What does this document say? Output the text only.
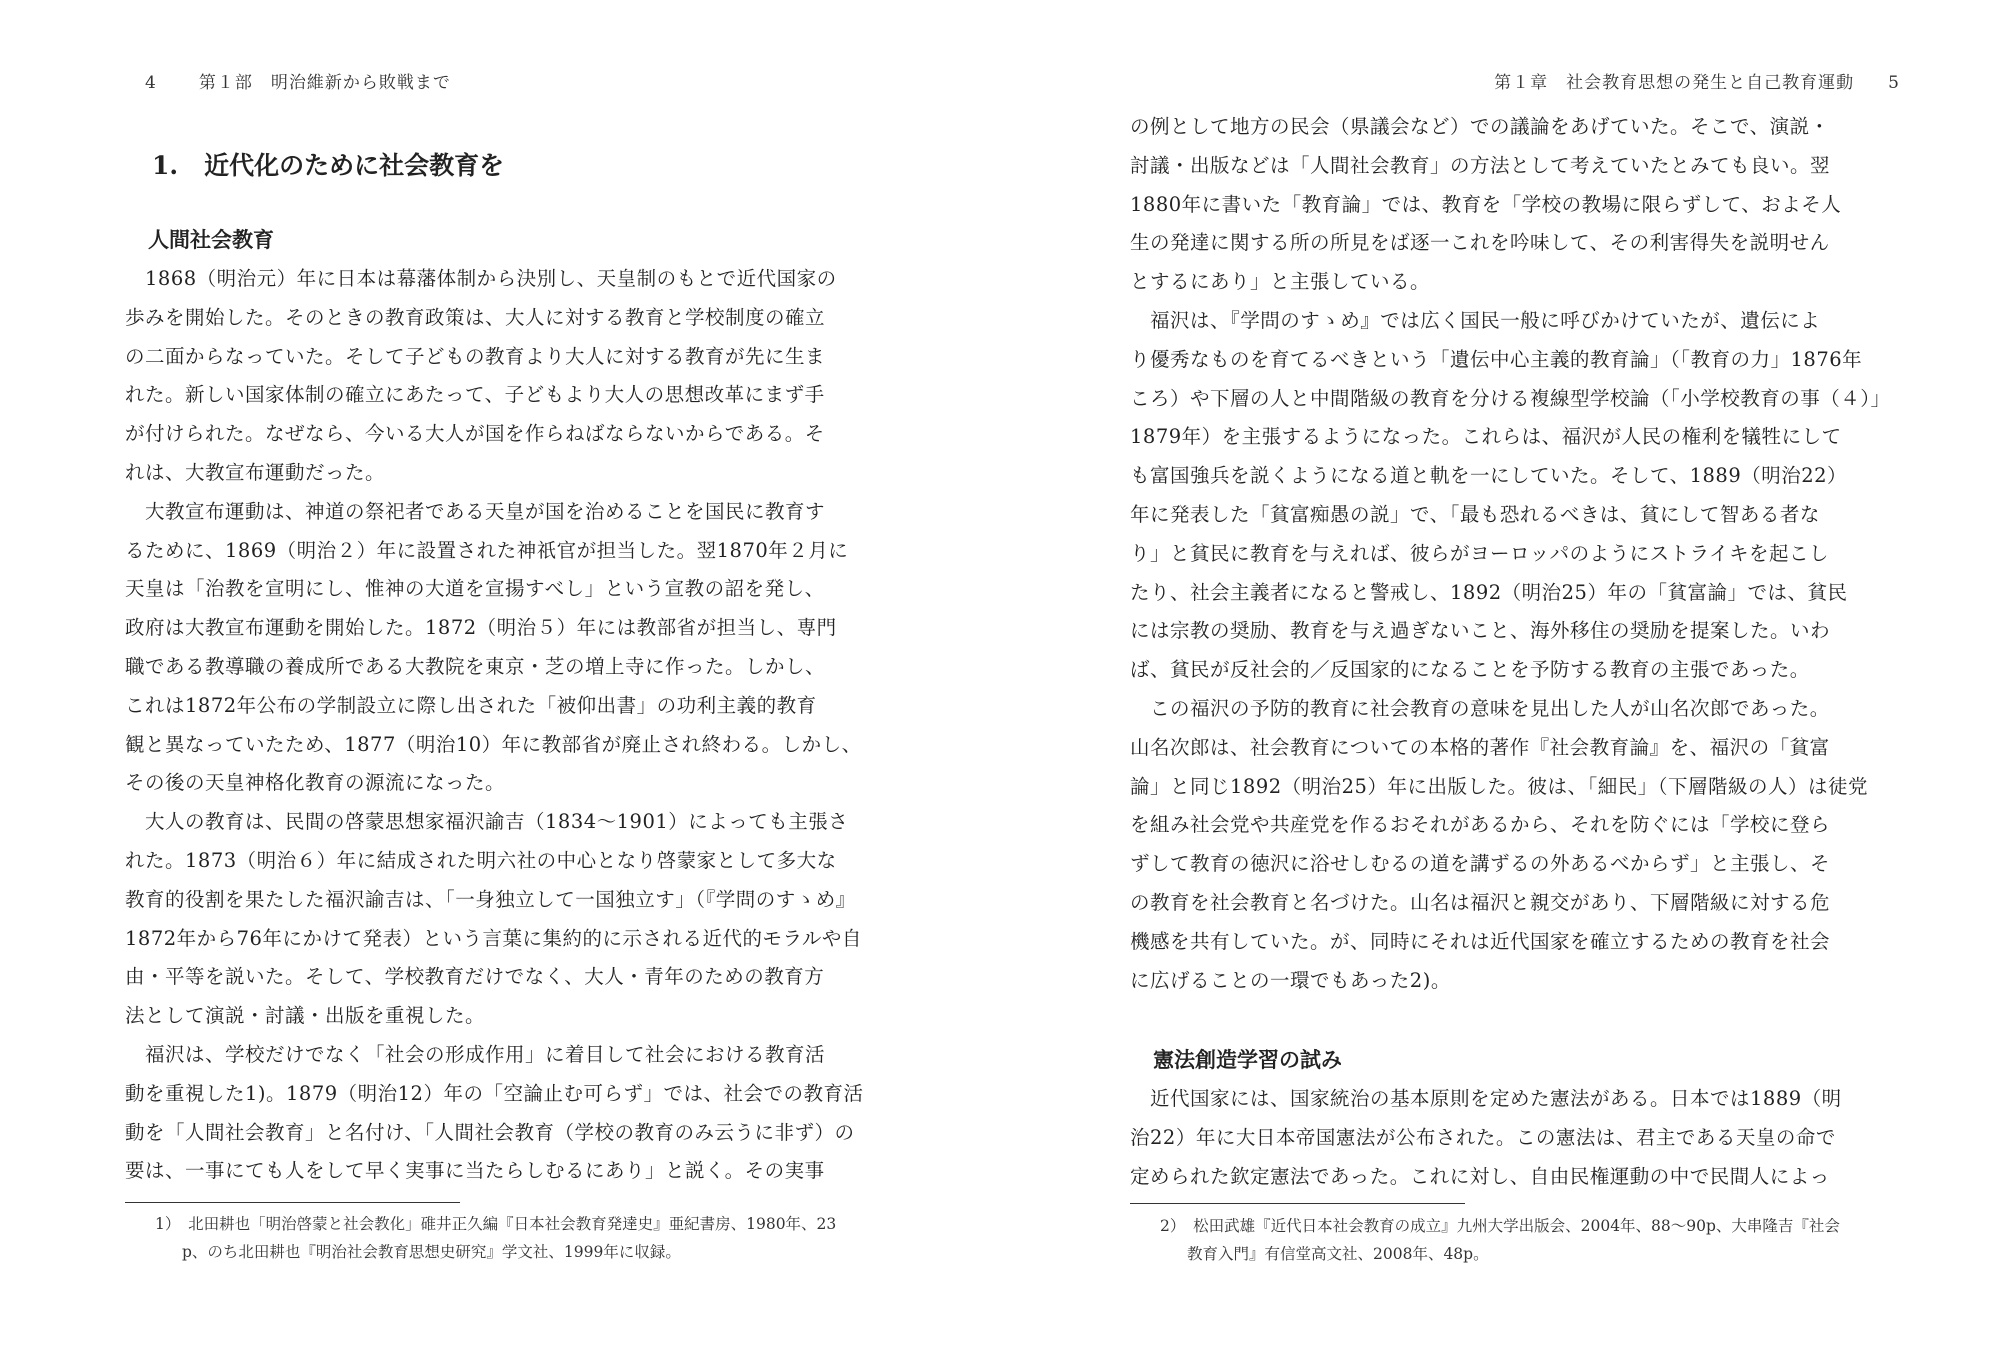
4 第１部　明治維新から敗戦まで
1. 近代化のために社会教育を
人間社会教育
1868（明治元）年に日本は幕藩体制から決別し、天皇制のもとで近代国家の
歩みを開始した。そのときの教育政策は、大人に対する教育と学校制度の確立
の二面からなっていた。そして子どもの教育より大人に対する教育が先に生ま
れた。新しい国家体制の確立にあたって、子どもより大人の思想改革にまず手
が付けられた。なぜなら、今いる大人が国を作らねばならないからである。そ
れは、大教宣布運動だった。
大教宣布運動は、神道の祭祀者である天皇が国を治めることを国民に教育す
るために、1869（明治２）年に設置された神祇官が担当した。翌1870年２月に
天皇は「治教を宣明にし、惟神の大道を宣揚すべし」という宣教の詔を発し、
政府は大教宣布運動を開始した。1872（明治５）年には教部省が担当し、専門
職である教導職の養成所である大教院を東京・芝の増上寺に作った。しかし、
これは1872年公布の学制設立に際し出された「被仰出書」の功利主義的教育
観と異なっていたため、1877（明治10）年に教部省が廃止され終わる。しかし、
その後の天皇神格化教育の源流になった。
大人の教育は、民間の啓蒙思想家福沢諭吉（1834〜1901）によっても主張さ
れた。1873（明治６）年に結成された明六社の中心となり啓蒙家として多大な
教育的役割を果たした福沢諭吉は、「一身独立して一国独立す」（『学問のすゝめ』
1872年から76年にかけて発表）という言葉に集約的に示される近代的モラルや自
由・平等を説いた。そして、学校教育だけでなく、大人・青年のための教育方
法として演説・討議・出版を重視した。
福沢は、学校だけでなく「社会の形成作用」に着目して社会における教育活
動を重視した1)。1879（明治12）年の「空論止む可らず」では、社会での教育活
動を「人間社会教育」と名付け、「人間社会教育（学校の教育のみ云うに非ず）の
要は、一事にても人をして早く実事に当たらしむるにあり」と説く。その実事
1）　北田耕也「明治啓蒙と社会教化」碓井正久編『日本社会教育発達史』亜紀書房、1980年、23
p、のち北田耕也『明治社会教育思想史研究』学文社、1999年に収録。
第１章　社会教育思想の発生と自己教育運動 5
の例として地方の民会（県議会など）での議論をあげていた。そこで、演説・
討議・出版などは「人間社会教育」の方法として考えていたとみても良い。翌
1880年に書いた「教育論」では、教育を「学校の教場に限らずして、およそ人
生の発達に関する所の所見をば逐一これを吟味して、その利害得失を説明せん
とするにあり」と主張している。
福沢は、『学問のすゝめ』では広く国民一般に呼びかけていたが、遺伝によ
り優秀なものを育てるべきという「遺伝中心主義的教育論」（「教育の力」1876年
ころ）や下層の人と中間階級の教育を分ける複線型学校論（「小学校教育の事（４）」
1879年）を主張するようになった。これらは、福沢が人民の権利を犠牲にして
も富国強兵を説くようになる道と軌を一にしていた。そして、1889（明治22）
年に発表した「貧富痴愚の説」で、「最も恐れるべきは、貧にして智ある者な
り」と貧民に教育を与えれば、彼らがヨーロッパのようにストライキを起こし
たり、社会主義者になると警戒し、1892（明治25）年の「貧富論」では、貧民
には宗教の奨励、教育を与え過ぎないこと、海外移住の奨励を提案した。いわ
ば、貧民が反社会的／反国家的になることを予防する教育の主張であった。
この福沢の予防的教育に社会教育の意味を見出した人が山名次郎であった。
山名次郎は、社会教育についての本格的著作『社会教育論』を、福沢の「貧富
論」と同じ1892（明治25）年に出版した。彼は、「細民」（下層階級の人）は徒党
を組み社会党や共産党を作るおそれがあるから、それを防ぐには「学校に登ら
ずして教育の徳沢に浴せしむるの道を講ずるの外あるべからず」と主張し、そ
の教育を社会教育と名づけた。山名は福沢と親交があり、下層階級に対する危
機感を共有していた。が、同時にそれは近代国家を確立するための教育を社会
に広げることの一環でもあった2)。
憲法創造学習の試み
近代国家には、国家統治の基本原則を定めた憲法がある。日本では1889（明
治22）年に大日本帝国憲法が公布された。この憲法は、君主である天皇の命で
定められた欽定憲法であった。これに対し、自由民権運動の中で民間人によっ
2）　松田武雄『近代日本社会教育の成立』九州大学出版会、2004年、88〜90p、大串隆吉『社会
教育入門』有信堂高文社、2008年、48p。
